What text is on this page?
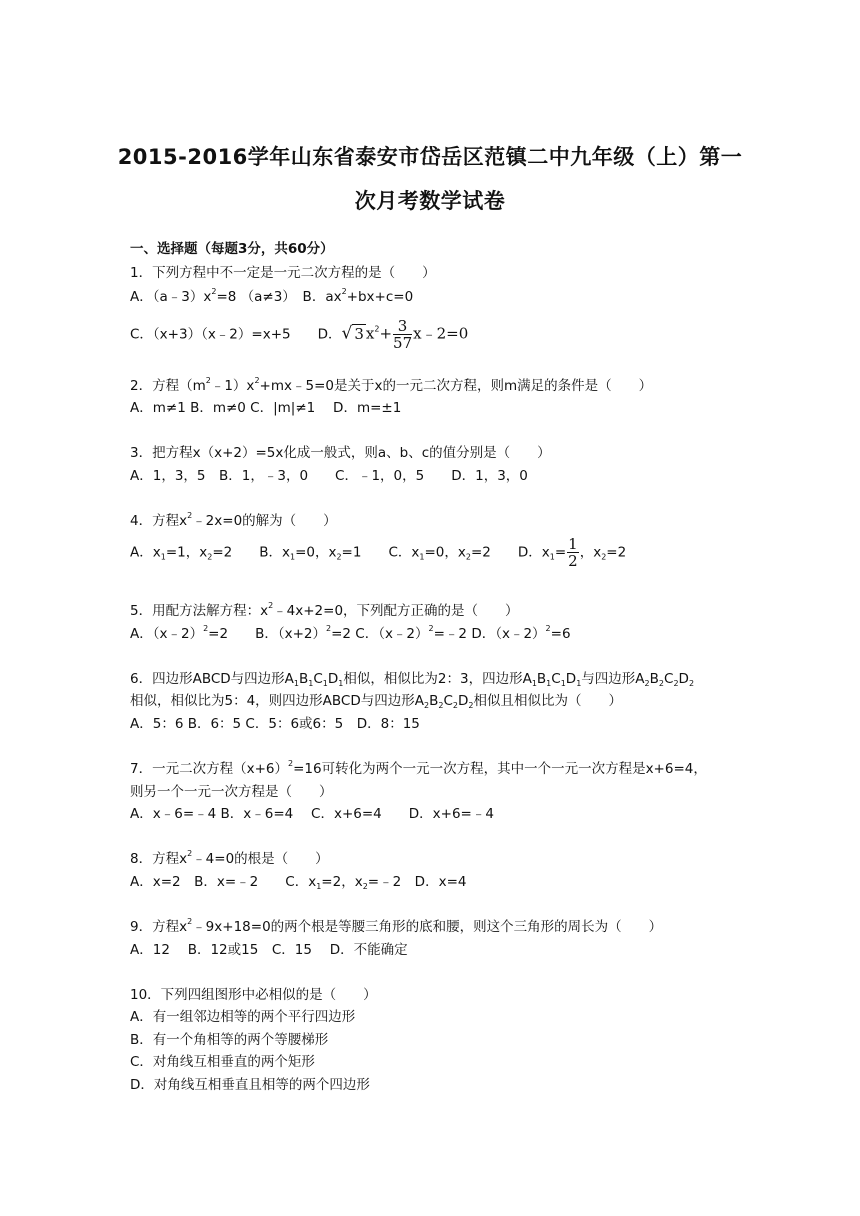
2015-2016学年山东省泰安市岱岳区范镇二中九年级（上）第一
次月考数学试卷
一、选择题（每题3分，共60分）
1．下列方程中不一定是一元二次方程的是（　　）
A．$(a﹣3)x^2=8$ （a≠3）　B．$ax^2+bx+c=0$
C．（x+3）（x﹣2）=x+5　　D．√ 3 $x^2+ \frac{3}{57}$ x﹣2=0
2．方程$(m^2﹣1)x^2+mx﹣5=0$是关于x的一元二次方程，则m满足的条件是（　　）
A．m≠1 B．m≠0 C．|m|≠1　 D．m=±1
3．把方程x（x+2）=5x化成一般式，则a、b、c的值分别是（　　）
A．1，3，5　B．1，﹣3，0　　C．﹣1，0，5　　D．1，3，0
4．方程$x^2﹣2x=0$的解为（　　）
A．$x_1=1$，$x_2=2$　　B．$x_1=0$，$x_2=1$　　C．$x_1=0$，$x_2=2$　　D．$x_1= \frac{1}{2}$ ，$x_2=2$
5．用配方法解方程：$x^2﹣4x+2=0$，下列配方正确的是（　　）
A．（x﹣2）$^2$=2　　B．$(x+2)^2=2$ C．（x﹣2）$^2$=﹣2 D．（x﹣2）$^2$=6
6．四边形ABCD与四边形$A_1B_1C_1D_1$相似，相似比为2：3，四边形$A_1B_1C_1D_1$与四边形$A_2B_2C_2D_2$
相似，相似比为5：4，则四边形ABCD与四边形$A_2B_2C_2D_2$相似且相似比为（　　）
A．5：6 B．6：5 C．5：6或6：5　D．8：15
7．一元二次方程$(x+6)^2=16$可转化为两个一元一次方程，其中一个一元一次方程是x+6=4，
则另一个一元一次方程是（　　）
A．x﹣6=﹣4 B．x﹣6=4　 C．x+6=4　　D．x+6=﹣4
8．方程$x^2﹣4=0$的根是（　　）
A．x=2　B．x=﹣2　　C．$x_1=2$，$x_2=﹣2$　D．x=4
9．方程$x^2﹣9x+18=0$的两个根是等腰三角形的底和腰，则这个三角形的周长为（　　）
A．12　 B．12或15　C．15　 D．不能确定
10．下列四组图形中必相似的是（　　）
A．有一组邻边相等的两个平行四边形
B．有一个角相等的两个等腰梯形
C．对角线互相垂直的两个矩形
D．对角线互相垂直且相等的两个四边形
